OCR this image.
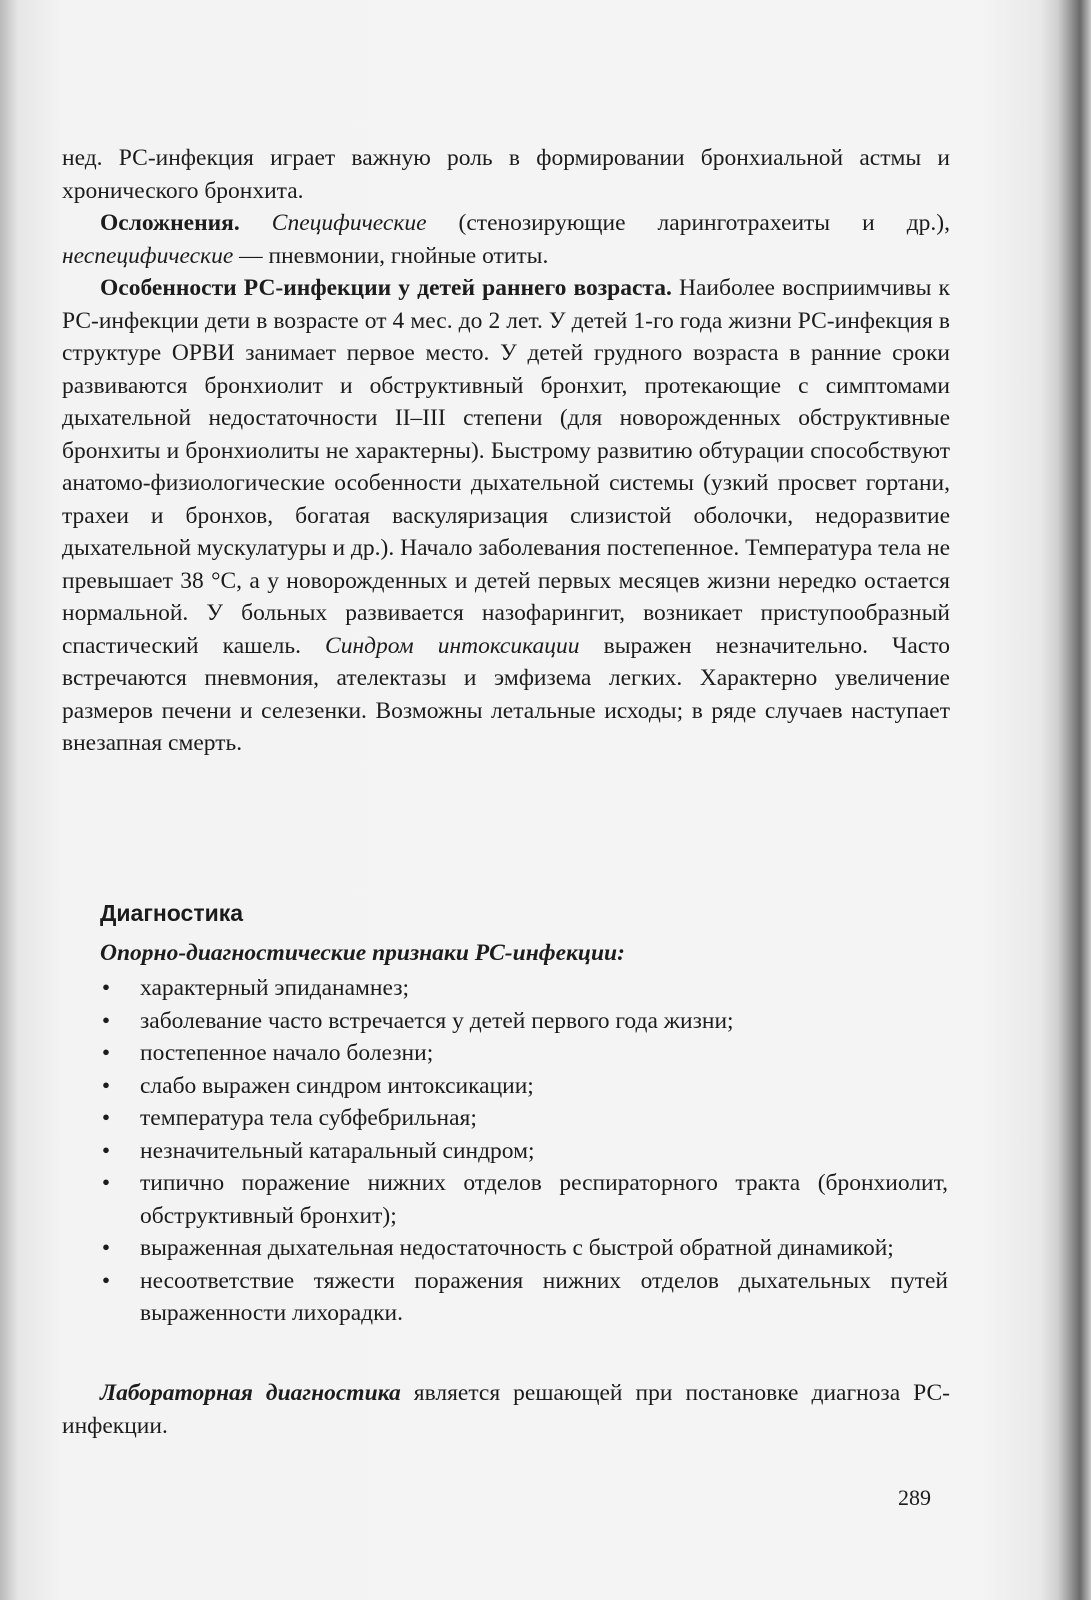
нед. РС-инфекция играет важную роль в формировании бронхиальной астмы и хронического бронхита.

Осложнения. Специфические (стенозирующие ларинготрахеиты и др.), неспецифические — пневмонии, гнойные отиты.

Особенности РС-инфекции у детей раннего возраста. Наиболее восприимчивы к РС-инфекции дети в возрасте от 4 мес. до 2 лет. У детей 1-го года жизни РС-инфекция в структуре ОРВИ занимает первое место. У детей грудного возраста в ранние сроки развиваются бронхиолит и обструктивный бронхит, протекающие с симптомами дыхательной недостаточности II–III степени (для новорожденных обструктивные бронхиты и бронхиолиты не характерны). Быстрому развитию обтурации способствуют анатомо-физиологические особенности дыхательной системы (узкий просвет гортани, трахеи и бронхов, богатая васкуляризация слизистой оболочки, недоразвитие дыхательной мускулатуры и др.). Начало заболевания постепенное. Температура тела не превышает 38 °С, а у новорожденных и детей первых месяцев жизни нередко остается нормальной. У больных развивается назофарингит, возникает приступообразный спастический кашель. Синдром интоксикации выражен незначительно. Часто встречаются пневмония, ателектазы и эмфизема легких. Характерно увеличение размеров печени и селезенки. Возможны летальные исходы; в ряде случаев наступает внезапная смерть.

Диагностика
Опорно-диагностические признаки РС-инфекции:
• характерный эпиданамнез;
• заболевание часто встречается у детей первого года жизни;
• постепенное начало болезни;
• слабо выражен синдром интоксикации;
• температура тела субфебрильная;
• незначительный катаральный синдром;
• типично поражение нижних отделов респираторного тракта (бронхиолит, обструктивный бронхит);
• выраженная дыхательная недостаточность с быстрой обратной динамикой;
• несоответствие тяжести поражения нижних отделов дыхательных путей выраженности лихорадки.
Лабораторная диагностика является решающей при постановке диагноза РС-инфекции.
289
